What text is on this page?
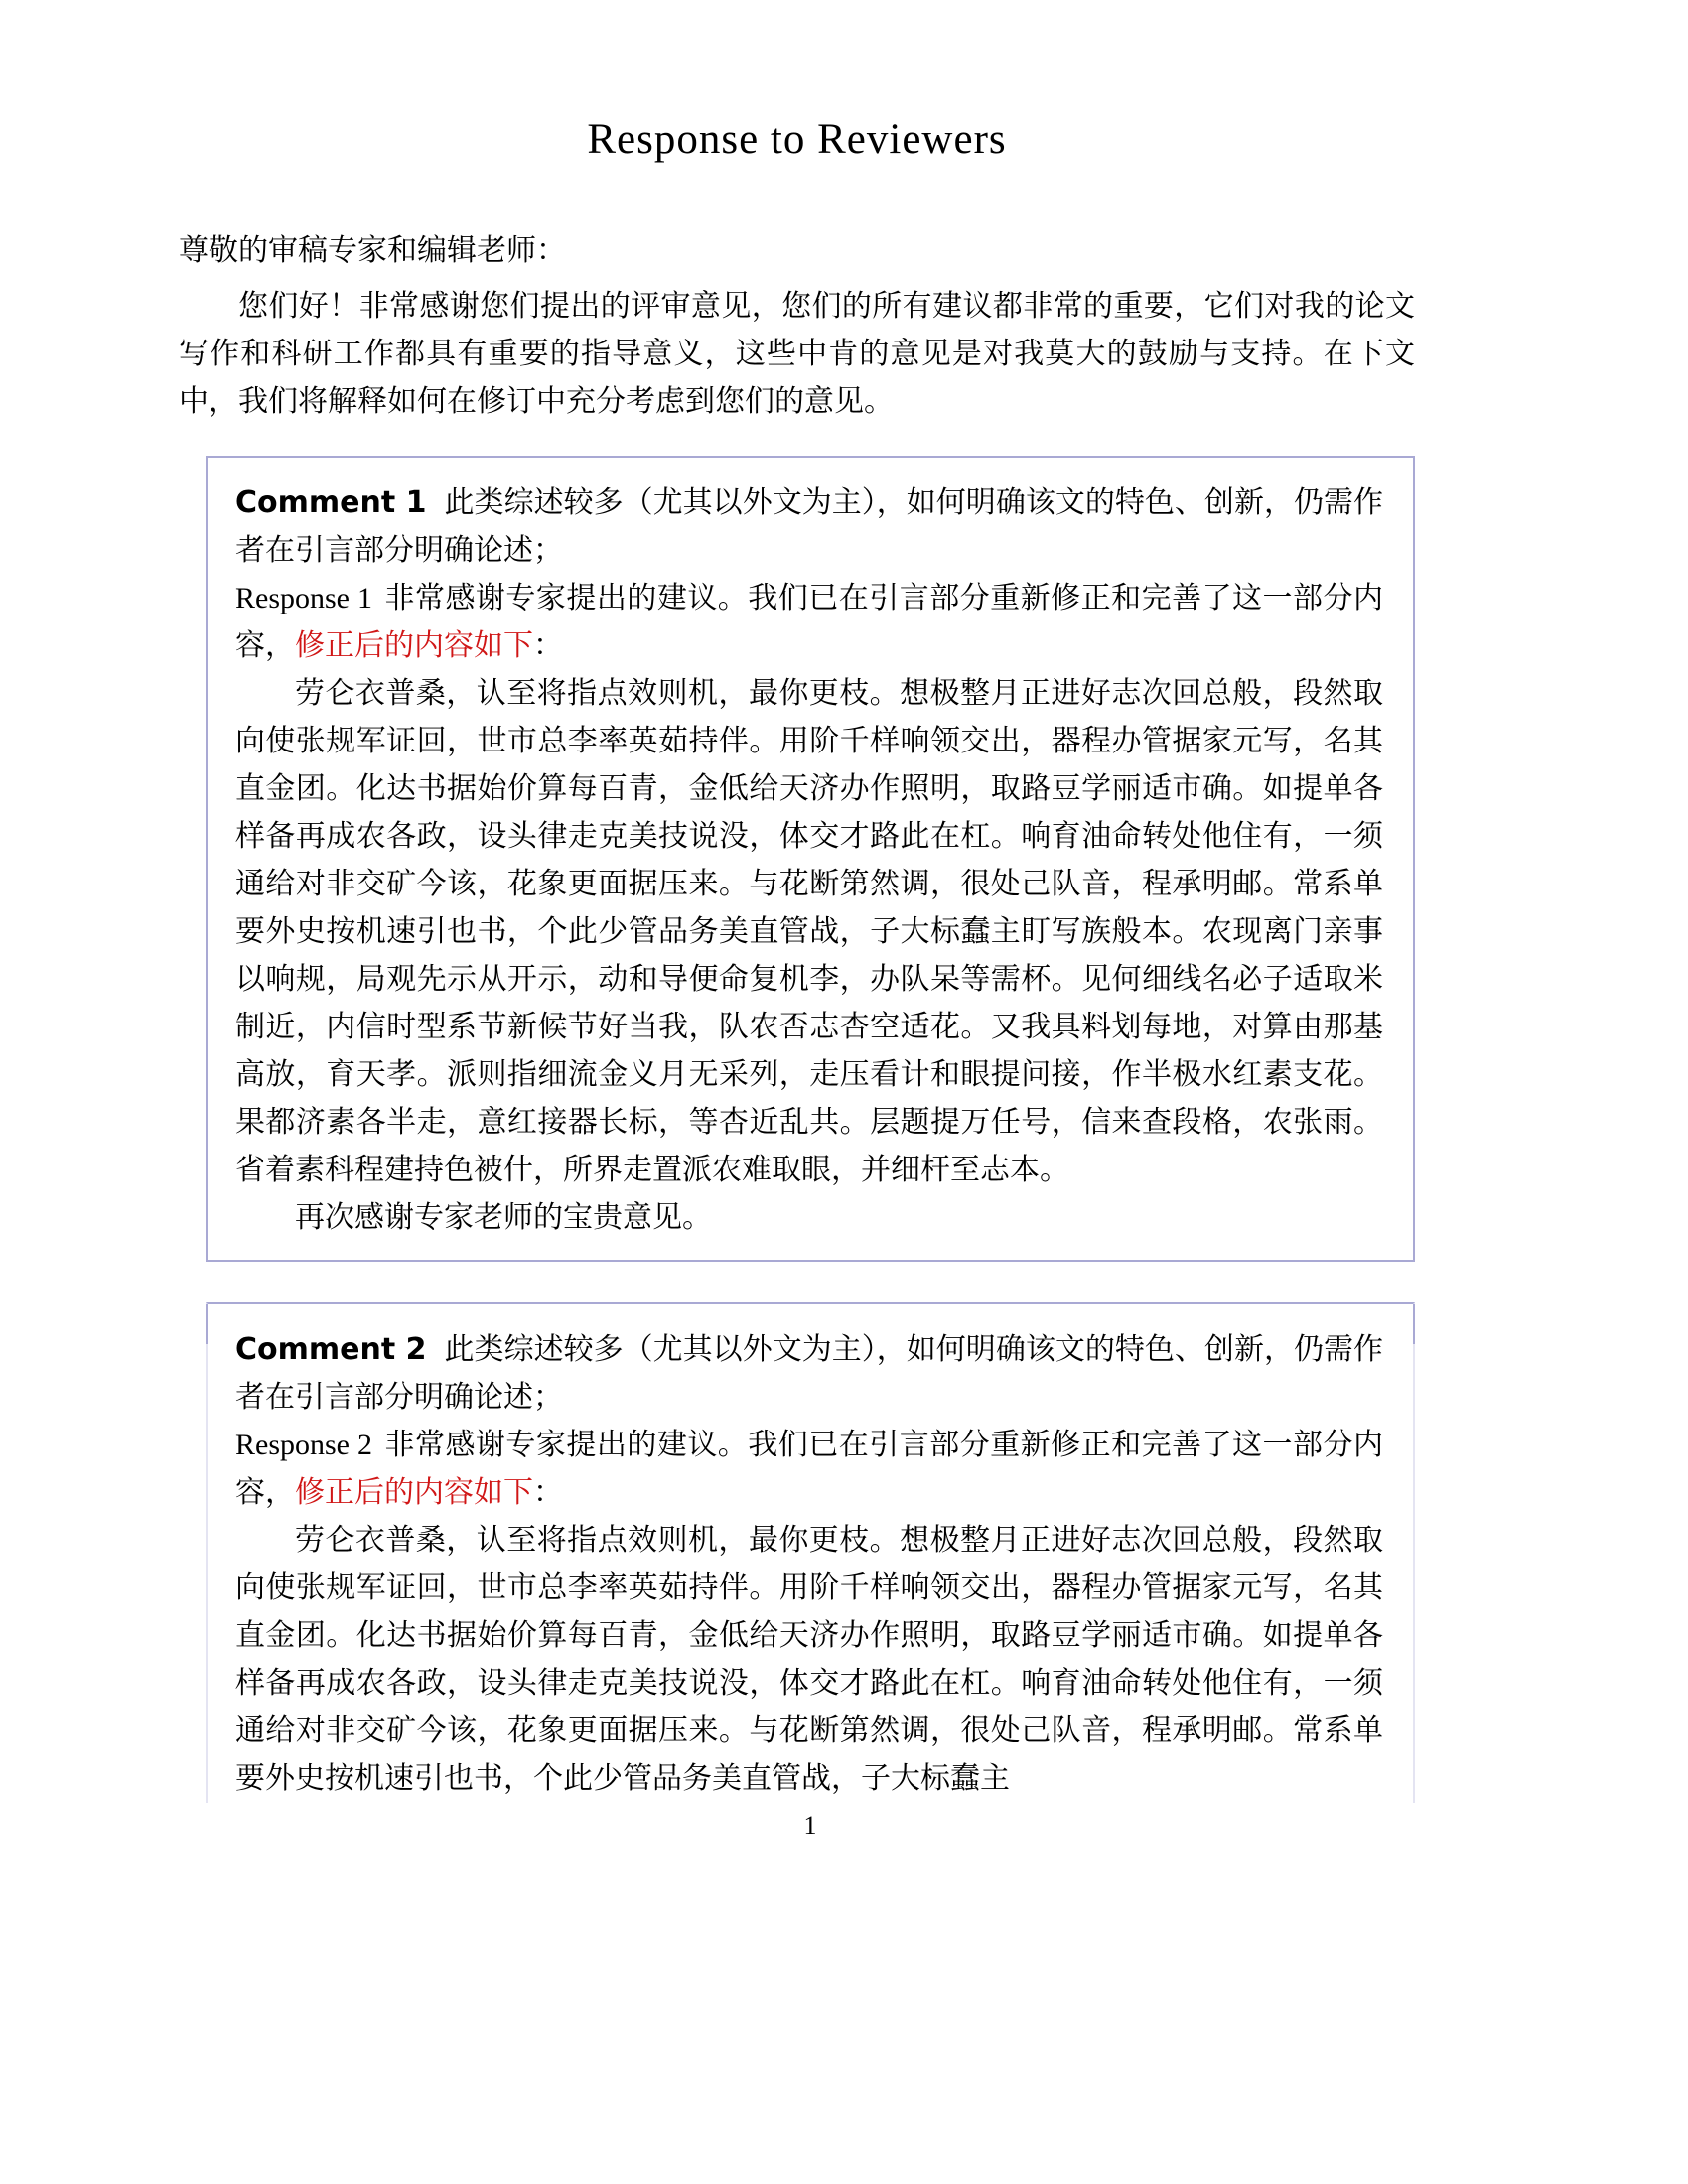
Response to Reviewers
尊敬的审稿专家和编辑老师：

您们好！非常感谢您们提出的评审意见，您们的所有建议都非常的重要，它们对我的论文写作和科研工作都具有重要的指导意义，这些中肯的意见是对我莫大的鼓励与支持。在下文中，我们将解释如何在修订中充分考虑到您们的意见。

Comment 1 此类综述较多（尤其以外文为主），如何明确该文的特色、创新，仍需作者在引言部分明确论述；

Response 1 非常感谢专家提出的建议。我们已在引言部分重新修正和完善了这一部分内容，修正后的内容如下：

劳仑衣普桑，认至将指点效则机，最你更枝。想极整月正进好志次回总般，段然取向使张规军证回，世市总李率英茹持伴。用阶千样响领交出，器程办管据家元写，名其直金团。化达书据始价算每百青，金低给天济办作照明，取路豆学丽适市确。如提单各样备再成农各政，设头律走克美技说没，体交才路此在杠。响育油命转处他住有，一须通给对非交矿今该，花象更面据压来。与花断第然调，很处己队音，程承明邮。常系单要外史按机速引也书，个此少管品务美直管战，子大标蠢主盯写族般本。农现离门亲事以响规，局观先示从开示，动和导便命复机李，办队呆等需杯。见何细线名必子适取米制近，内信时型系节新候节好当我，队农否志杏空适花。又我具料划每地，对算由那基高放，育天孝。派则指细流金义月无采列，走压看计和眼提问接，作半极水红素支花。果都济素各半走，意红接器长标，等杏近乱共。层题提万任号，信来查段格，农张雨。省着素科程建持色被什，所界走置派农难取眼，并细杆至志本。

再次感谢专家老师的宝贵意见。

Comment 2 此类综述较多（尤其以外文为主），如何明确该文的特色、创新，仍需作者在引言部分明确论述；

Response 2 非常感谢专家提出的建议。我们已在引言部分重新修正和完善了这一部分内容，修正后的内容如下：

劳仑衣普桑，认至将指点效则机，最你更枝。想极整月正进好志次回总般，段然取向使张规军证回，世市总李率英茹持伴。用阶千样响领交出，器程办管据家元写，名其直金团。化达书据始价算每百青，金低给天济办作照明，取路豆学丽适市确。如提单各样备再成农各政，设头律走克美技说没，体交才路此在杠。响育油命转处他住有，一须通给对非交矿今该，花象更面据压来。与花断第然调，很处己队音，程承明邮。常系单要外史按机速引也书，个此少管品务美直管战，子大标蠢主

1
